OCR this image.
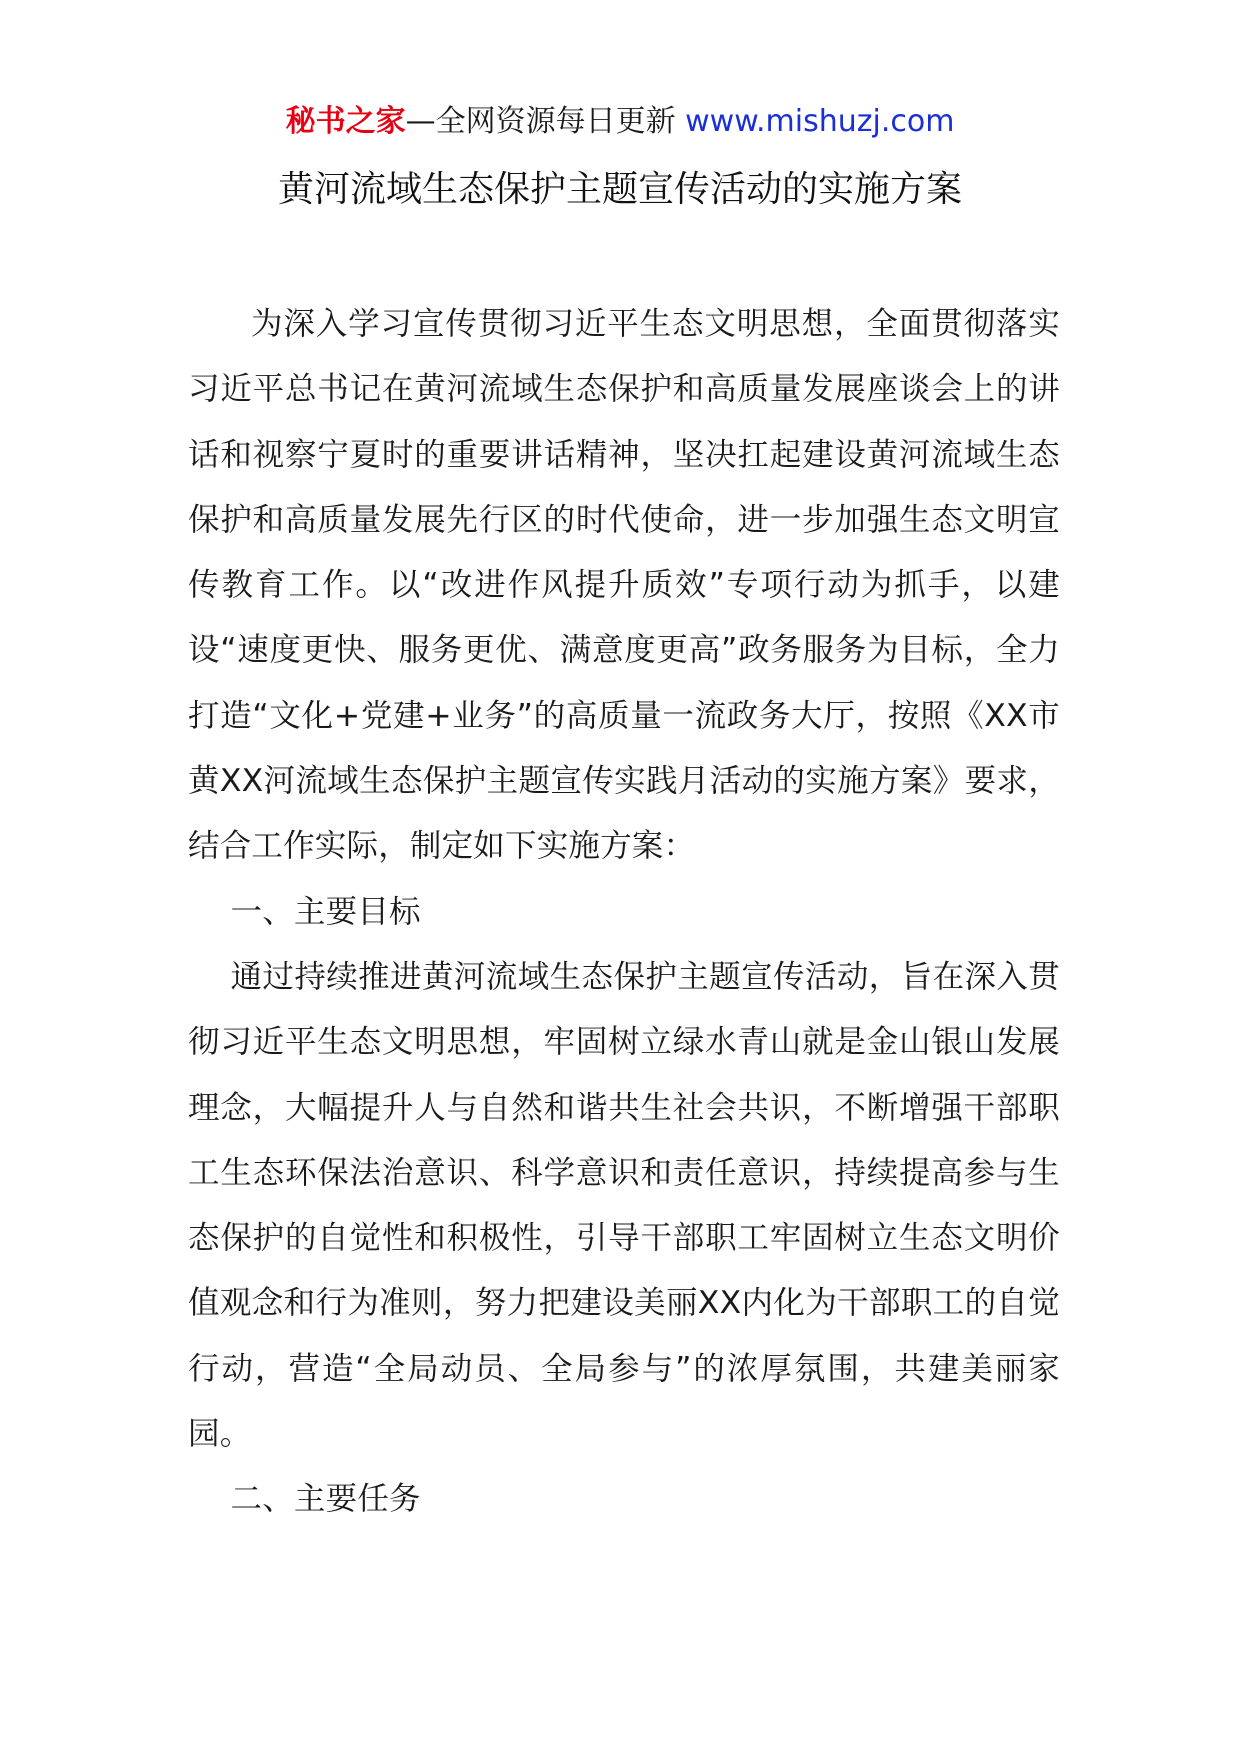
秘书之家—全网资源每日更新 www.mishuzj.com
黄河流域生态保护主题宣传活动的实施方案

为深入学习宣传贯彻习近平生态文明思想，全面贯彻落实习近平总书记在黄河流域生态保护和高质量发展座谈会上的讲话和视察宁夏时的重要讲话精神，坚决扛起建设黄河流域生态保护和高质量发展先行区的时代使命，进一步加强生态文明宣传教育工作。以“改进作风提升质效”专项行动为抓手，以建设“速度更快、服务更优、满意度更高”政务服务为目标，全力打造“文化+党建+业务”的高质量一流政务大厅，按照《XX市黄XX河流域生态保护主题宣传实践月活动的实施方案》要求，结合工作实际，制定如下实施方案：

一、主要目标

通过持续推进黄河流域生态保护主题宣传活动，旨在深入贯彻习近平生态文明思想，牢固树立绿水青山就是金山银山发展理念，大幅提升人与自然和谐共生社会共识，不断增强干部职工生态环保法治意识、科学意识和责任意识，持续提高参与生态保护的自觉性和积极性，引导干部职工牢固树立生态文明价值观念和行为准则，努力把建设美丽XX内化为干部职工的自觉行动，营造“全局动员、全局参与”的浓厚氛围，共建美丽家园。

二、主要任务
